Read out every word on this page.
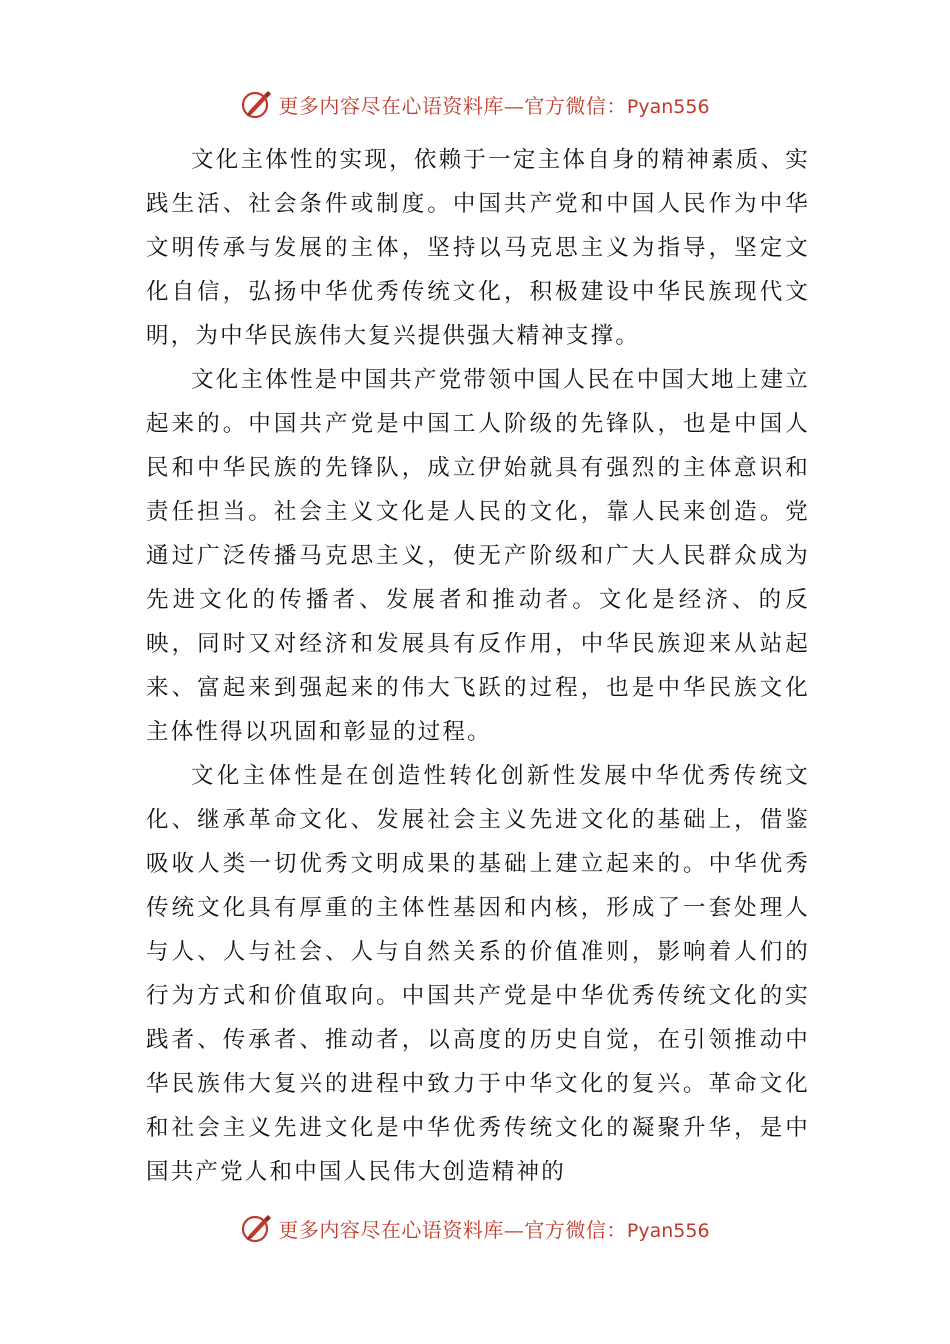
更多内容尽在心语资料库—官方微信：Pyan556

文化主体性的实现，依赖于一定主体自身的精神素质、实践生活、社会条件或制度。中国共产党和中国人民作为中华文明传承与发展的主体，坚持以马克思主义为指导，坚定文化自信，弘扬中华优秀传统文化，积极建设中华民族现代文明，为中华民族伟大复兴提供强大精神支撑。

文化主体性是中国共产党带领中国人民在中国大地上建立起来的。中国共产党是中国工人阶级的先锋队，也是中国人民和中华民族的先锋队，成立伊始就具有强烈的主体意识和责任担当。社会主义文化是人民的文化，靠人民来创造。党通过广泛传播马克思主义，使无产阶级和广大人民群众成为先进文化的传播者、发展者和推动者。文化是经济、的反映，同时又对经济和发展具有反作用，中华民族迎来从站起来、富起来到强起来的伟大飞跃的过程，也是中华民族文化主体性得以巩固和彰显的过程。

文化主体性是在创造性转化创新性发展中华优秀传统文化、继承革命文化、发展社会主义先进文化的基础上，借鉴吸收人类一切优秀文明成果的基础上建立起来的。中华优秀传统文化具有厚重的主体性基因和内核，形成了一套处理人与人、人与社会、人与自然关系的价值准则，影响着人们的行为方式和价值取向。中国共产党是中华优秀传统文化的实践者、传承者、推动者，以高度的历史自觉，在引领推动中华民族伟大复兴的进程中致力于中华文化的复兴。革命文化和社会主义先进文化是中华优秀传统文化的凝聚升华，是中国共产党人和中国人民伟大创造精神的

更多内容尽在心语资料库—官方微信：Pyan556
